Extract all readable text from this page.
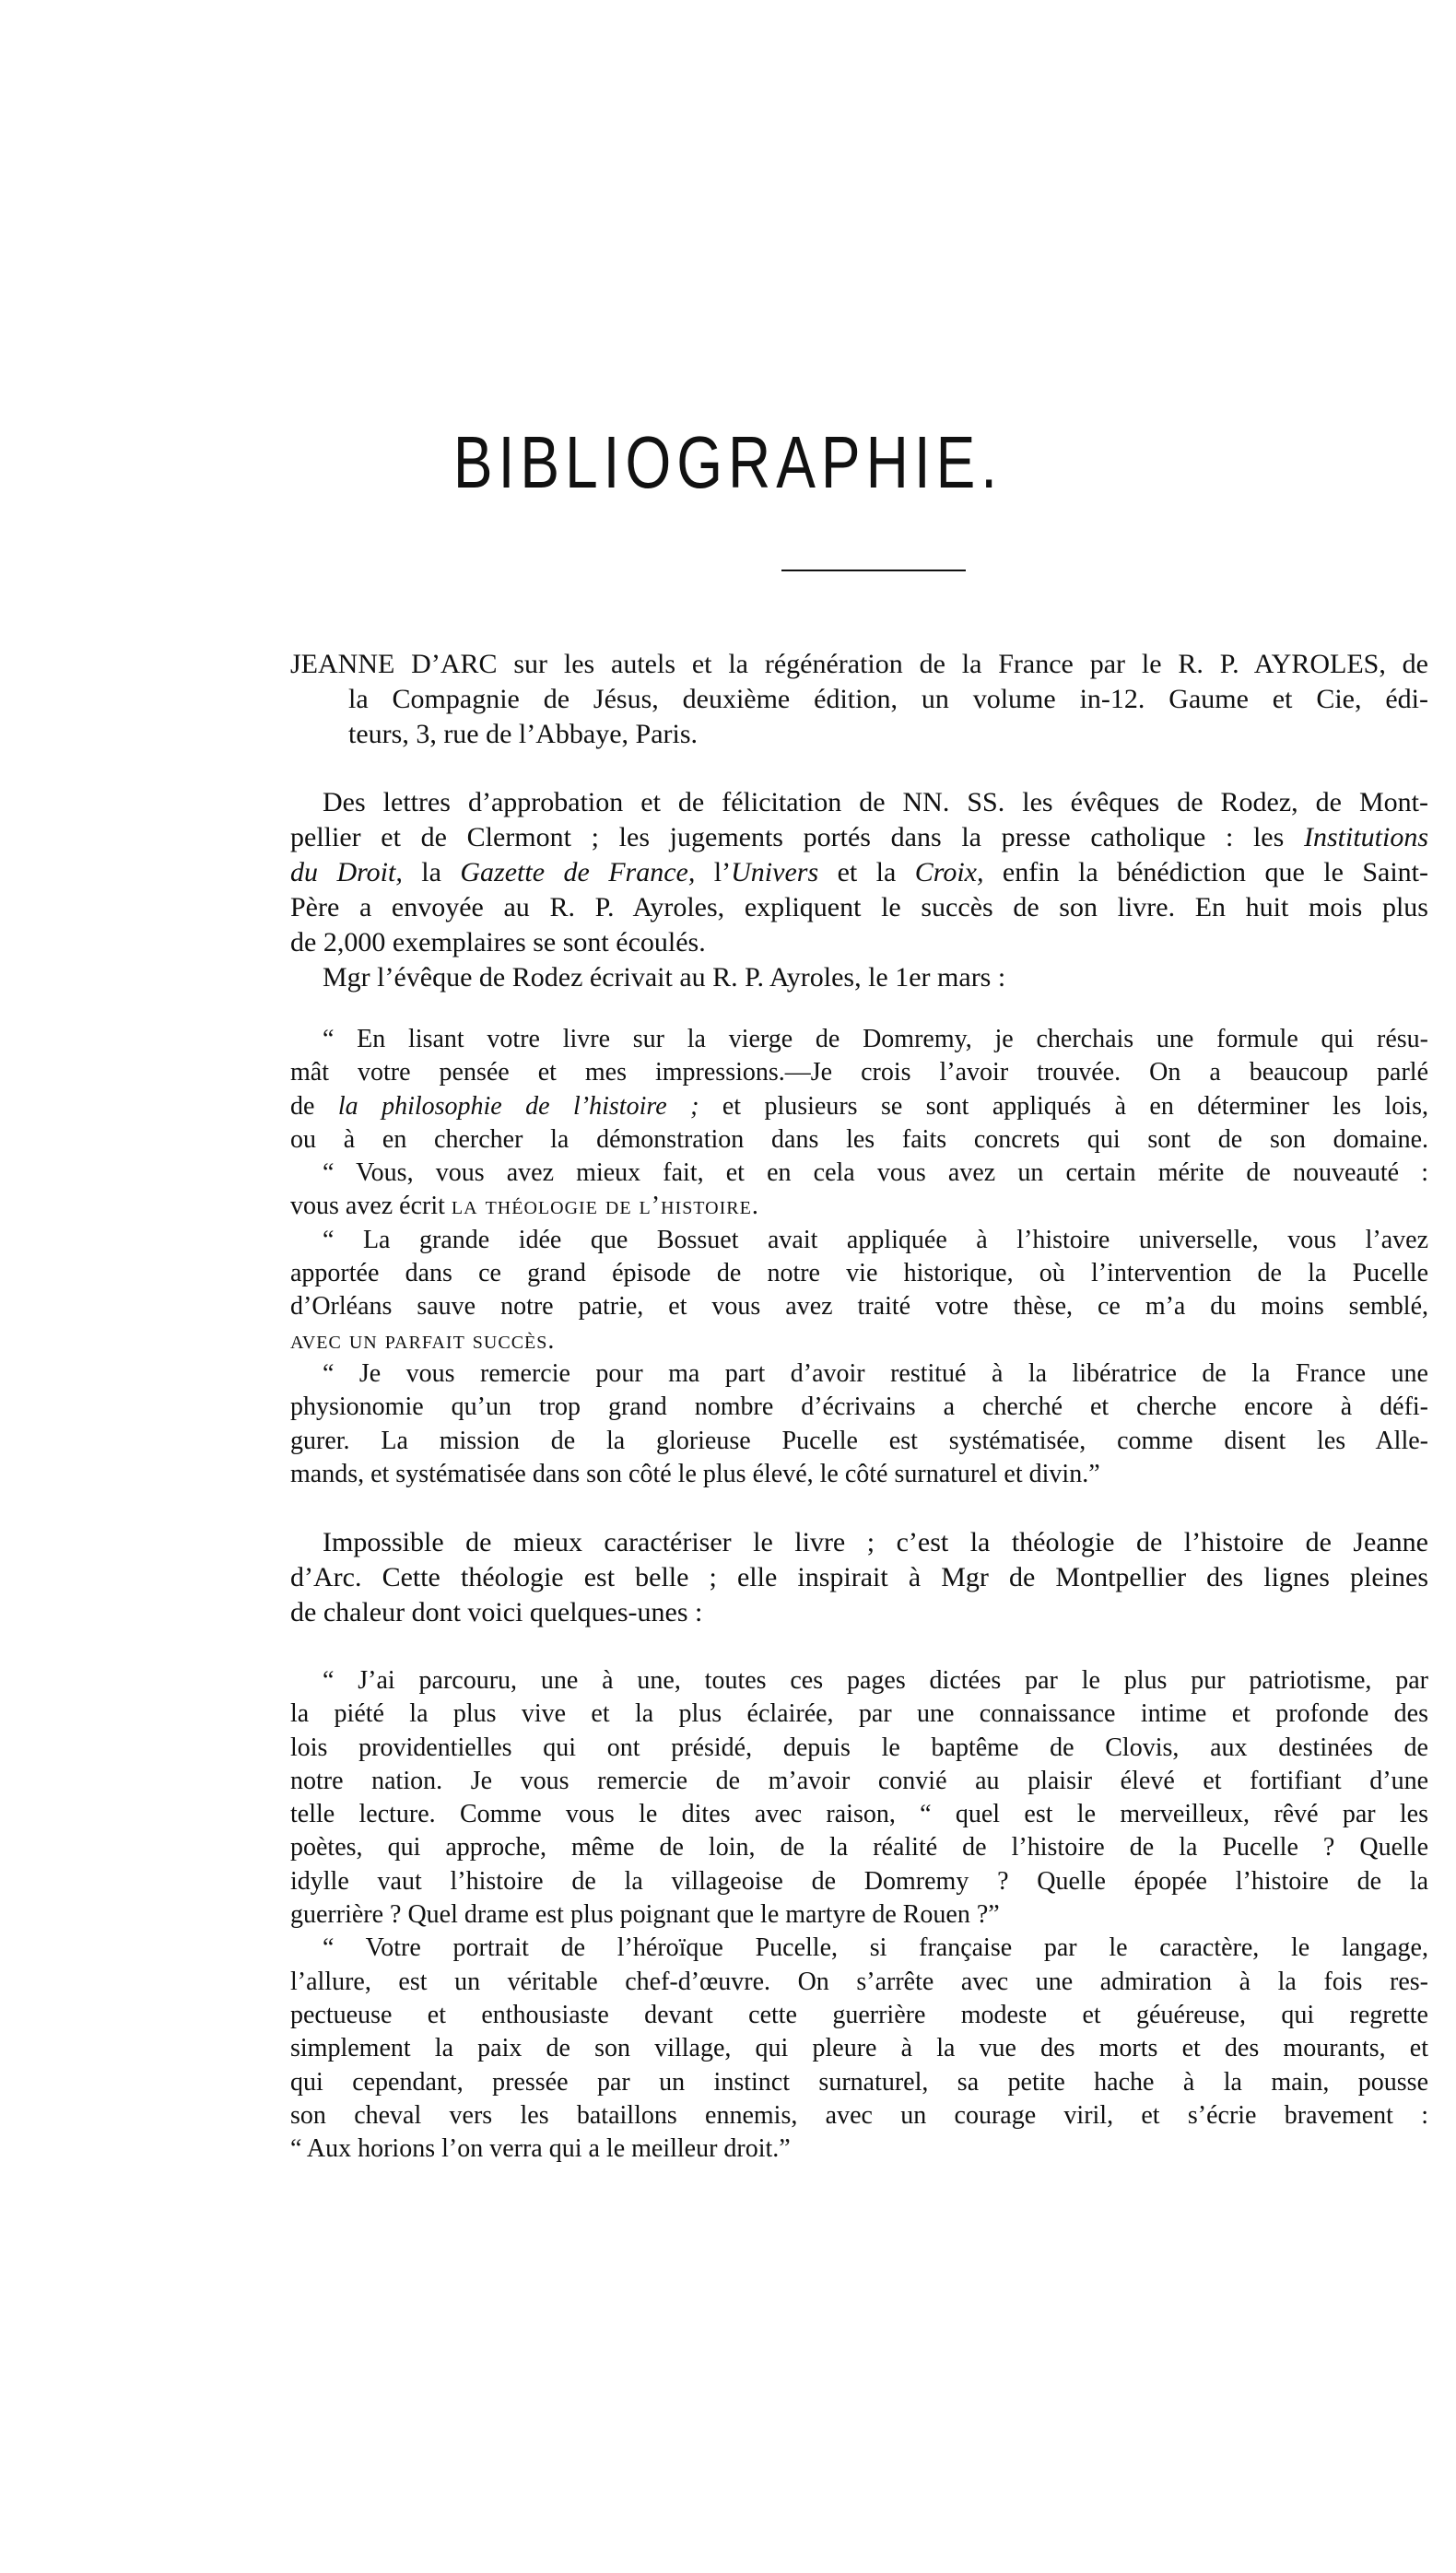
BIBLIOGRAPHIE.
JEANNE D’ARC sur les autels et la régénération de la France par le R. P. AYROLES, de
la Compagnie de Jésus, deuxième édition, un volume in-12. Gaume et Cie, édi-
teurs, 3, rue de l’Abbaye, Paris.
Des lettres d’approbation et de félicitation de NN. SS. les évêques de Rodez, de Mont-
pellier et de Clermont ; les jugements portés dans la presse catholique : les Institutions
du Droit, la Gazette de France, l’Univers et la Croix, enfin la bénédiction que le Saint-
Père a envoyée au R. P. Ayroles, expliquent le succès de son livre. En huit mois plus
de 2,000 exemplaires se sont écoulés.
Mgr l’évêque de Rodez écrivait au R. P. Ayroles, le 1er mars :
“ En lisant votre livre sur la vierge de Domremy, je cherchais une formule qui résu-
mât votre pensée et mes impressions.—Je crois l’avoir trouvée. On a beaucoup parlé
de la philosophie de l’histoire ; et plusieurs se sont appliqués à en déterminer les lois,
ou à en chercher la démonstration dans les faits concrets qui sont de son domaine.
“ Vous, vous avez mieux fait, et en cela vous avez un certain mérite de nouveauté :
vous avez écrit la théologie de l’histoire.
“ La grande idée que Bossuet avait appliquée à l’histoire universelle, vous l’avez
apportée dans ce grand épisode de notre vie historique, où l’intervention de la Pucelle
d’Orléans sauve notre patrie, et vous avez traité votre thèse, ce m’a du moins semblé,
avec un parfait succès.
“ Je vous remercie pour ma part d’avoir restitué à la libératrice de la France une
physionomie qu’un trop grand nombre d’écrivains a cherché et cherche encore à défi-
gurer. La mission de la glorieuse Pucelle est systématisée, comme disent les Alle-
mands, et systématisée dans son côté le plus élevé, le côté surnaturel et divin.”
Impossible de mieux caractériser le livre ; c’est la théologie de l’histoire de Jeanne
d’Arc. Cette théologie est belle ; elle inspirait à Mgr de Montpellier des lignes pleines
de chaleur dont voici quelques-unes :
“ J’ai parcouru, une à une, toutes ces pages dictées par le plus pur patriotisme, par
la piété la plus vive et la plus éclairée, par une connaissance intime et profonde des
lois providentielles qui ont présidé, depuis le baptême de Clovis, aux destinées de
notre nation. Je vous remercie de m’avoir convié au plaisir élevé et fortifiant d’une
telle lecture. Comme vous le dites avec raison, “ quel est le merveilleux, rêvé par les
poètes, qui approche, même de loin, de la réalité de l’histoire de la Pucelle ? Quelle
idylle vaut l’histoire de la villageoise de Domremy ? Quelle épopée l’histoire de la
guerrière ? Quel drame est plus poignant que le martyre de Rouen ?”
“ Votre portrait de l’héroïque Pucelle, si française par le caractère, le langage,
l’allure, est un véritable chef-d’œuvre. On s’arrête avec une admiration à la fois res-
pectueuse et enthousiaste devant cette guerrière modeste et géuéreuse, qui regrette
simplement la paix de son village, qui pleure à la vue des morts et des mourants, et
qui cependant, pressée par un instinct surnaturel, sa petite hache à la main, pousse
son cheval vers les bataillons ennemis, avec un courage viril, et s’écrie bravement :
“ Aux horions l’on verra qui a le meilleur droit.”
